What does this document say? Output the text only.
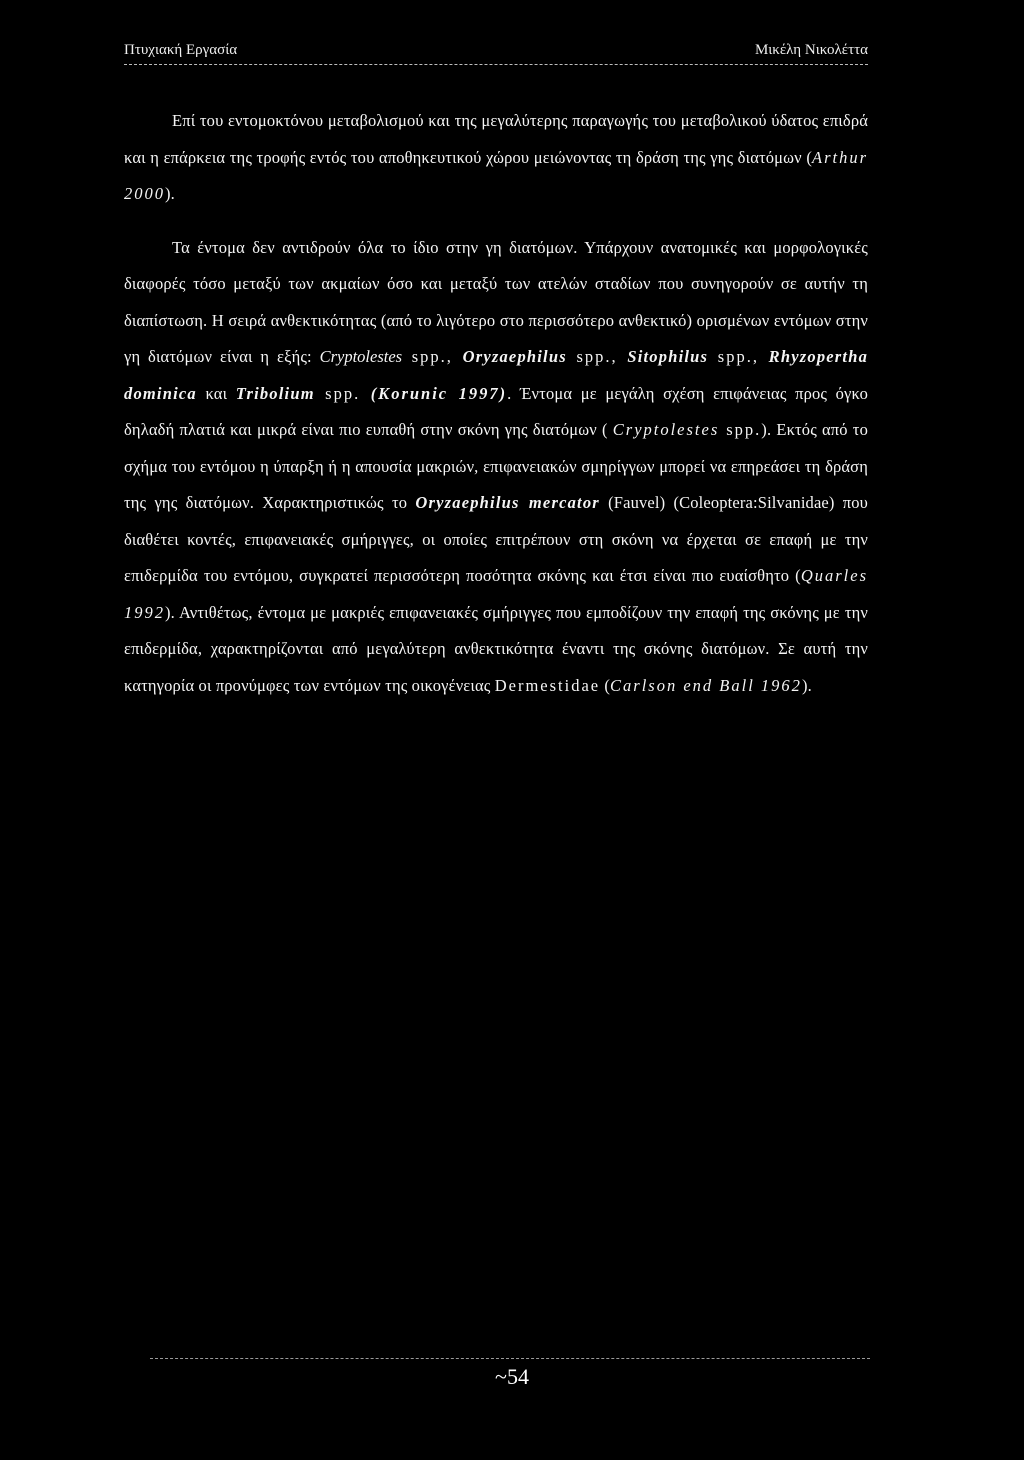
Πτυχιακή Εργασία	Μικέλη Νικολέττα

Επί του εντομοκτόνου μεταβολισμού και της μεγαλύτερης παραγωγής του μεταβολικού ύδατος επιδρά και η επάρκεια της τροφής εντός του αποθηκευτικού χώρου μειώνοντας τη δράση της γης διατόμων (Arthur 2000).

Τα έντομα δεν αντιδρούν όλα το ίδιο στην γη διατόμων. Υπάρχουν ανατομικές και μορφολογικές διαφορές τόσο μεταξύ των ακμαίων όσο και μεταξύ των ατελών σταδίων που συνηγορούν σε αυτήν τη διαπίστωση. Η σειρά ανθεκτικότητας (από το λιγότερο στο περισσότερο ανθεκτικό) ορισμένων εντόμων στην γη διατόμων είναι η εξής: Cryptolestes spp., Oryzaephilus spp., Sitophilus spp., Rhyzopertha dominica και Tribolium spp. (Korunic 1997). Έντομα με μεγάλη σχέση επιφάνειας προς όγκο δηλαδή πλατιά και μικρά είναι πιο ευπαθή στην σκόνη γης διατόμων ( Cryptolestes spp.). Εκτός από το σχήμα του εντόμου η ύπαρξη ή η απουσία μακριών, επιφανειακών σμηρίγγων μπορεί να επηρεάσει τη δράση της γης διατόμων. Χαρακτηριστικώς το Oryzaephilus mercator (Fauvel) (Coleoptera:Silvanidae) που διαθέτει κοντές, επιφανειακές σμήριγγες, οι οποίες επιτρέπουν στη σκόνη να έρχεται σε επαφή με την επιδερμίδα του εντόμου, συγκρατεί περισσότερη ποσότητα σκόνης και έτσι είναι πιο ευαίσθητο (Quarles 1992). Αντιθέτως, έντομα με μακριές επιφανειακές σμήριγγες που εμποδίζουν την επαφή της σκόνης με την επιδερμίδα, χαρακτηρίζονται από μεγαλύτερη ανθεκτικότητα έναντι της σκόνης διατόμων. Σε αυτή την κατηγορία οι προνύμφες των εντόμων της οικογένειας Dermestidae (Carlson end Ball 1962).

~54
